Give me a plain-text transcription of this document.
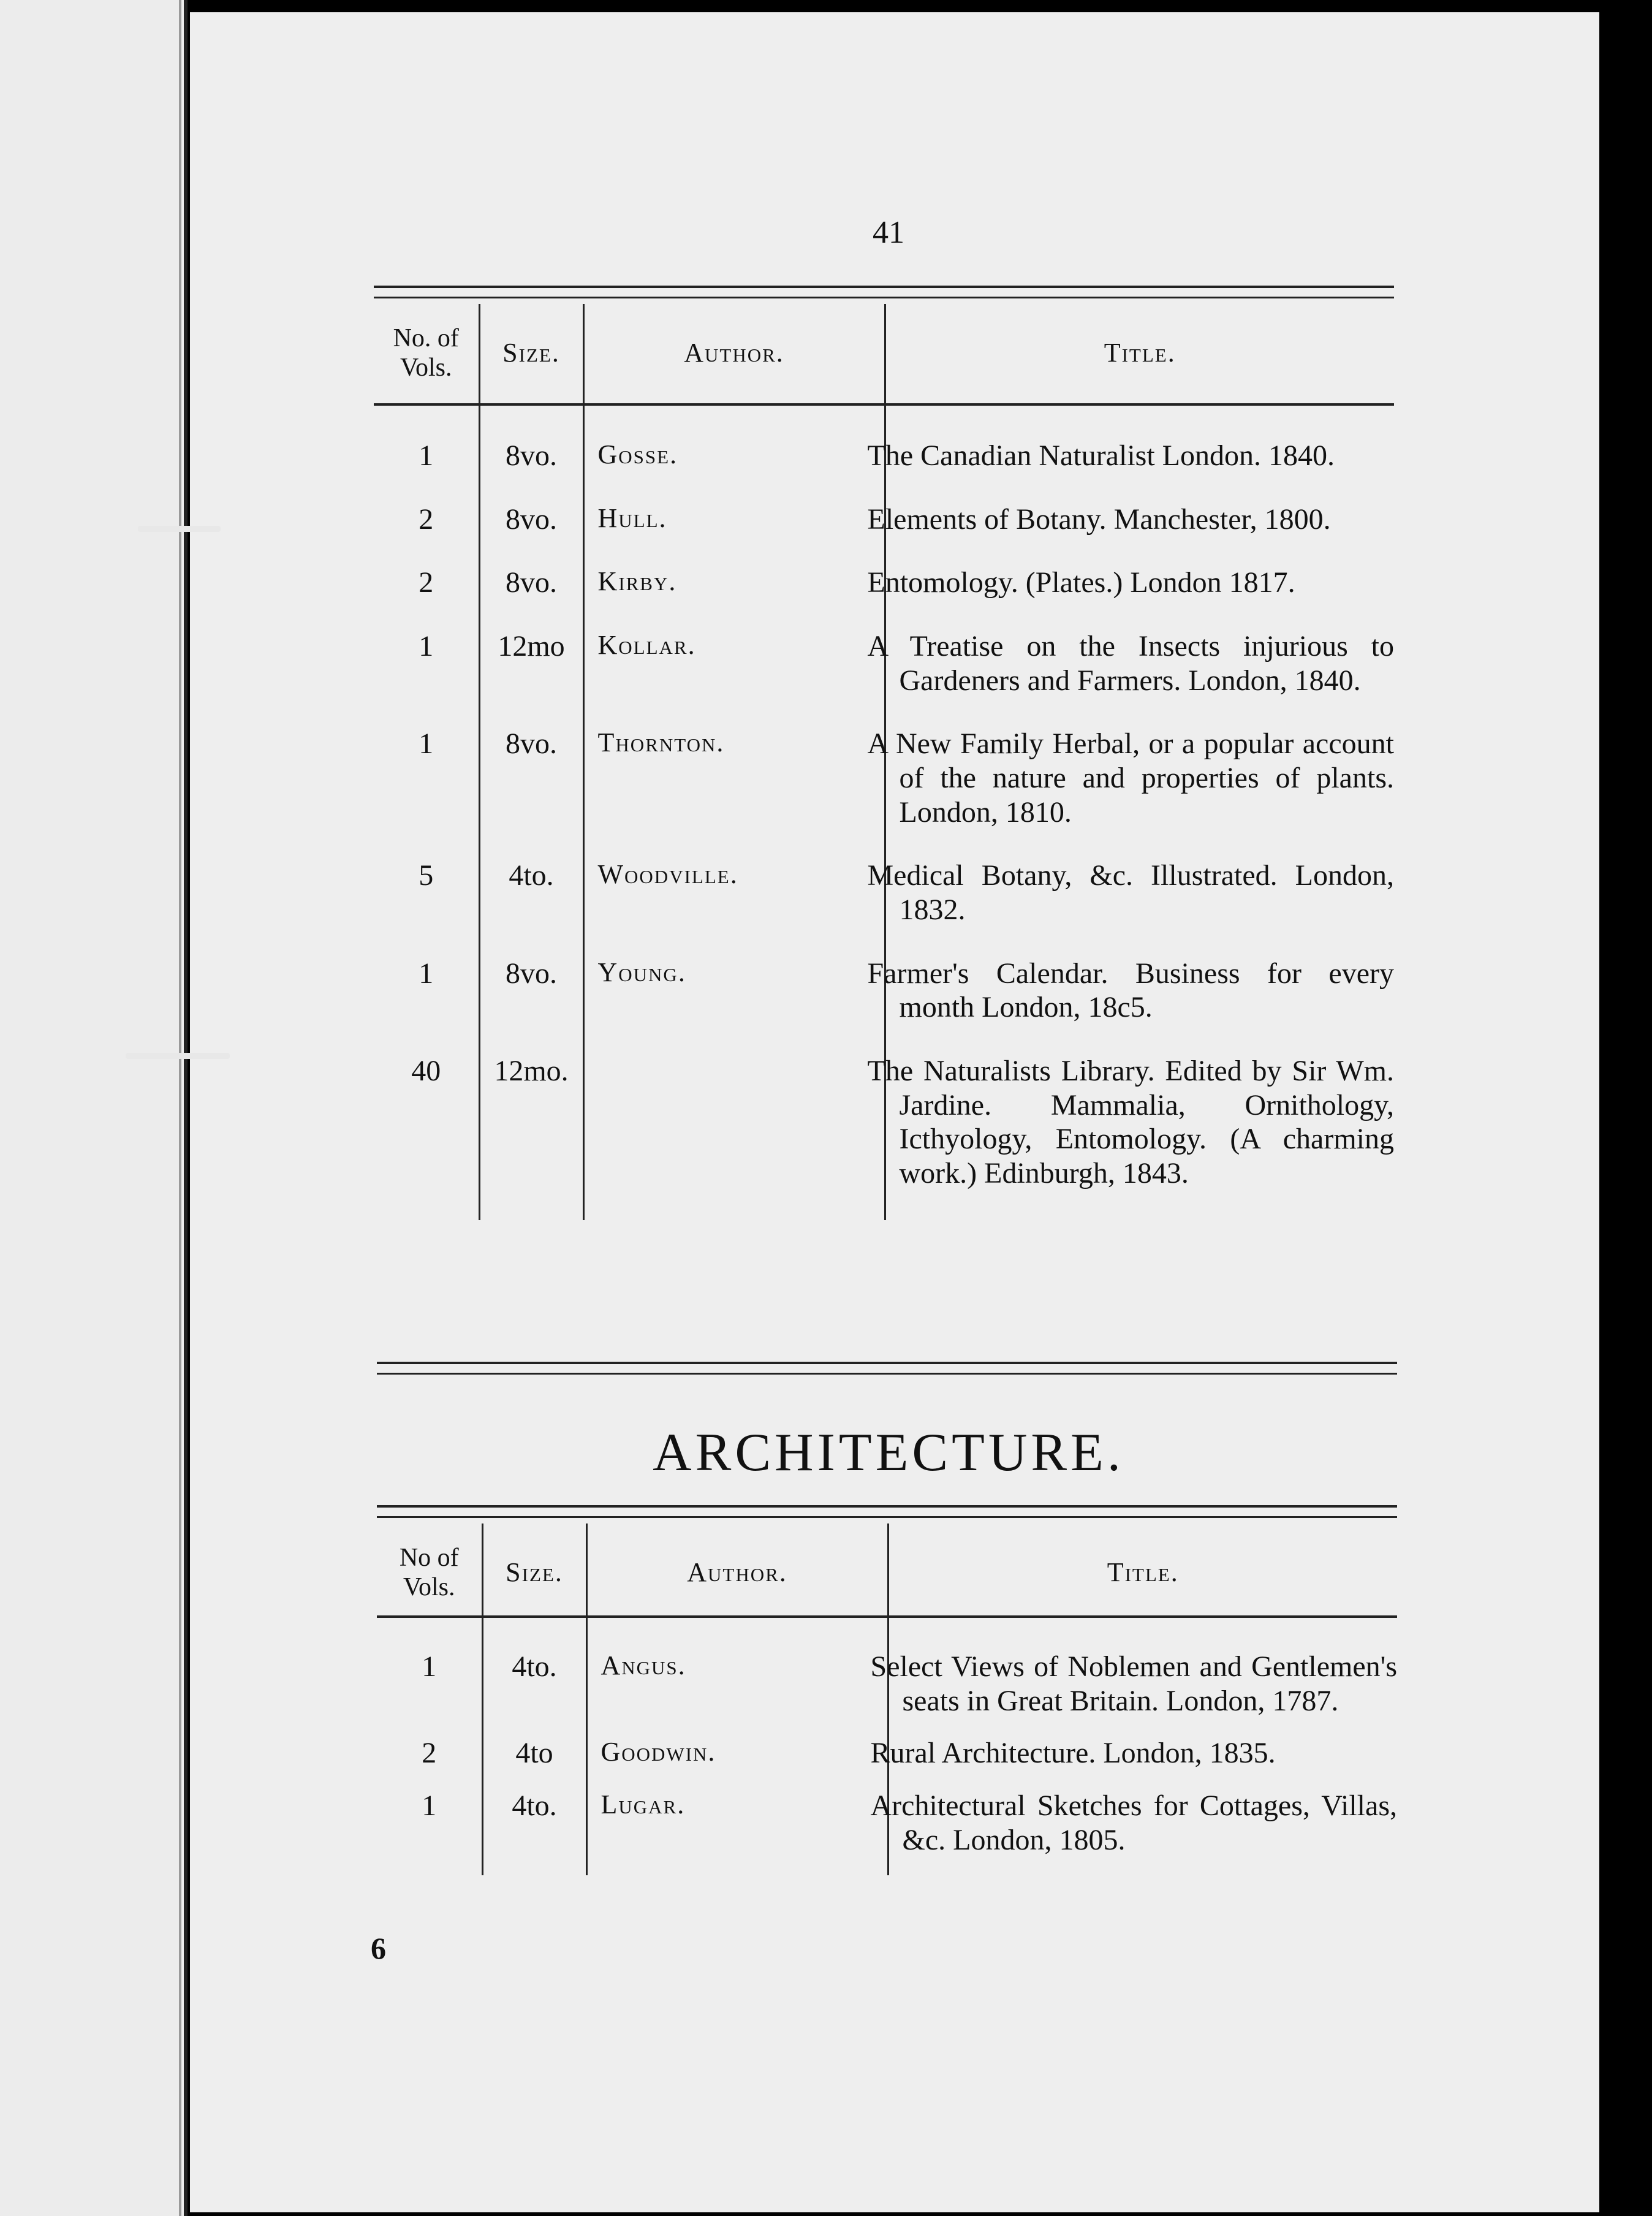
41
No. of Vols.	Size.	Author.	Title.

1	8vo.	Gosse.	The Canadian Naturalist London. 1840.
2	8vo.	Hull.	Elements of Botany. Manchester, 1800.
2	8vo.	Kirby.	Entomology. (Plates.) London 1817.
1	12mo	Kollar.	A Treatise on the Insects injurious to Gardeners and Farmers. London, 1840.
1	8vo.	Thornton.	A New Family Herbal, or a popular account of the nature and properties of plants. London, 1810.
5	4to.	Woodville.	Medical Botany, &c. Illustrated. London, 1832.
1	8vo.	Young.	Farmer's Calendar. Business for every month London, 18c5.
40	12mo.		The Naturalists Library. Edited by Sir Wm. Jardine. Mammalia, Ornithology, Icthyology, Entomology. (A charming work.) Edinburgh, 1843.
ARCHITECTURE.
No of Vols.	Size.	Author.	Title.

1	4to.	Angus.	Select Views of Noblemen and Gentlemen's seats in Great Britain. London, 1787.
2	4to	Goodwin.	Rural Architecture. London, 1835.
1	4to.	Lugar.	Architectural Sketches for Cottages, Villas, &c. London, 1805.
6
